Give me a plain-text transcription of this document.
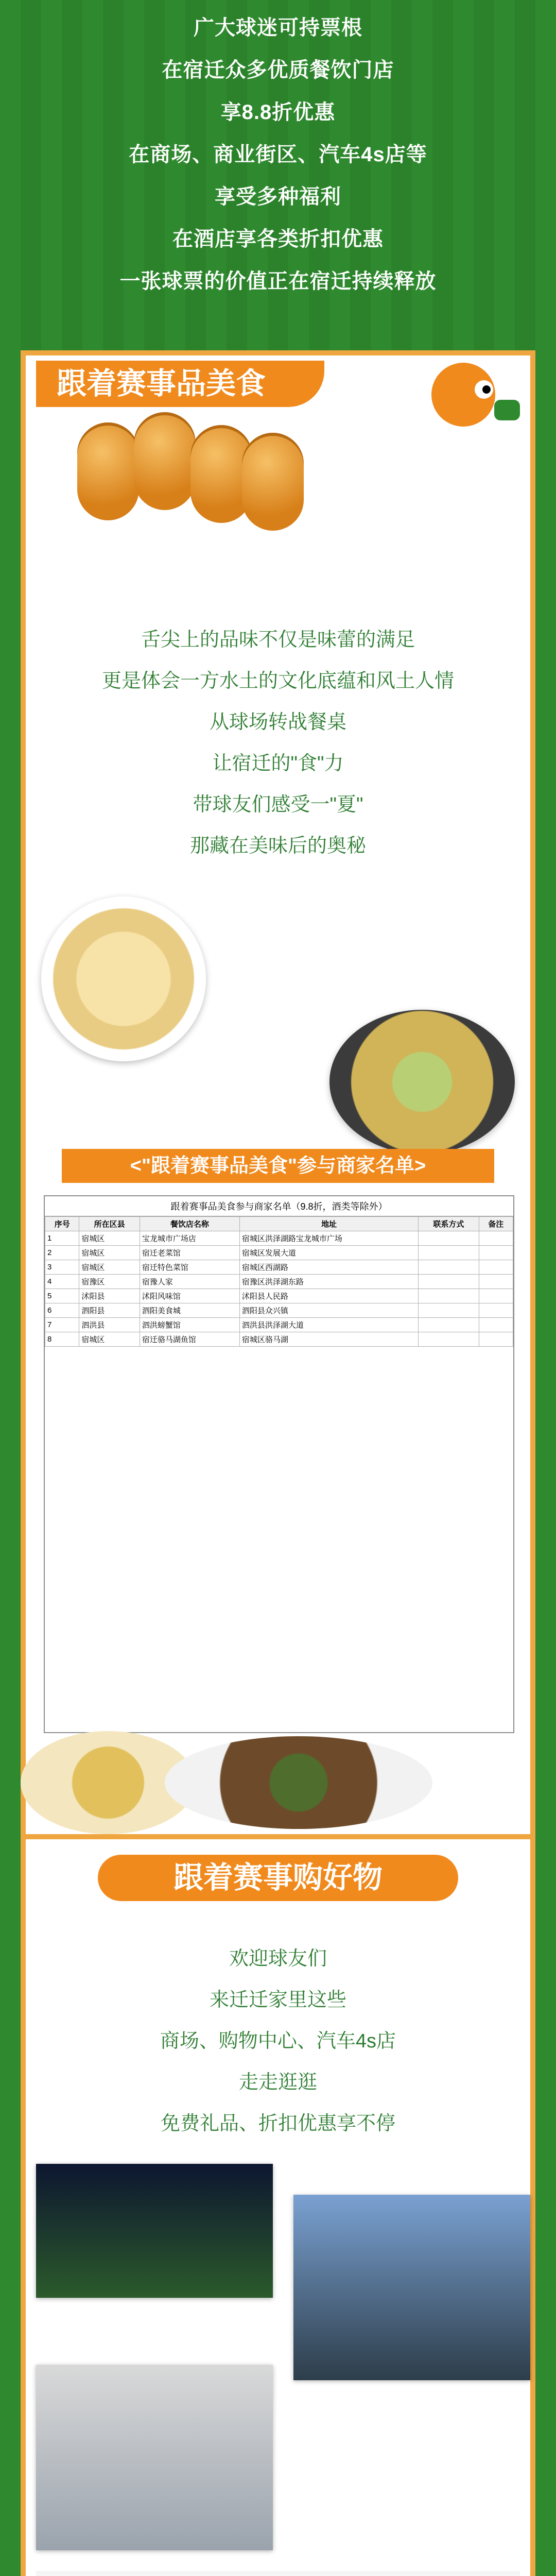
广大球迷可持票根
在宿迁众多优质餐饮门店
享8.8折优惠
在商场、商业街区、汽车4s店等
享受多种福利
在酒店享各类折扣优惠
一张球票的价值正在宿迁持续释放
跟着赛事品美食
舌尖上的品味不仅是味蕾的满足
更是体会一方水土的文化底蕴和风土人情
从球场转战餐桌
让宿迁的"食"力
带球友们感受一"夏"
那藏在美味后的奥秘
<"跟着赛事品美食"参与商家名单>
跟着赛事品美食参与商家名单（9.8折，酒类等除外）
序号	所在区县	餐饮店名称	地址	联系方式	备注
1	宿城区	宝龙城市广场店	宿城区洪泽湖路宝龙城市广场		
2	宿城区	宿迁老菜馆	宿城区发展大道		
3	宿城区	宿迁特色菜馆	宿城区西湖路		
4	宿豫区	宿豫人家	宿豫区洪泽湖东路		
5	沭阳县	沭阳风味馆	沭阳县人民路		
6	泗阳县	泗阳美食城	泗阳县众兴镇		
7	泗洪县	泗洪螃蟹馆	泗洪县洪泽湖大道		
8	宿城区	宿迁骆马湖鱼馆	宿城区骆马湖		
跟着赛事购好物
欢迎球友们
来迁迁家里这些
商场、购物中心、汽车4s店
走走逛逛
免费礼品、折扣优惠享不停
